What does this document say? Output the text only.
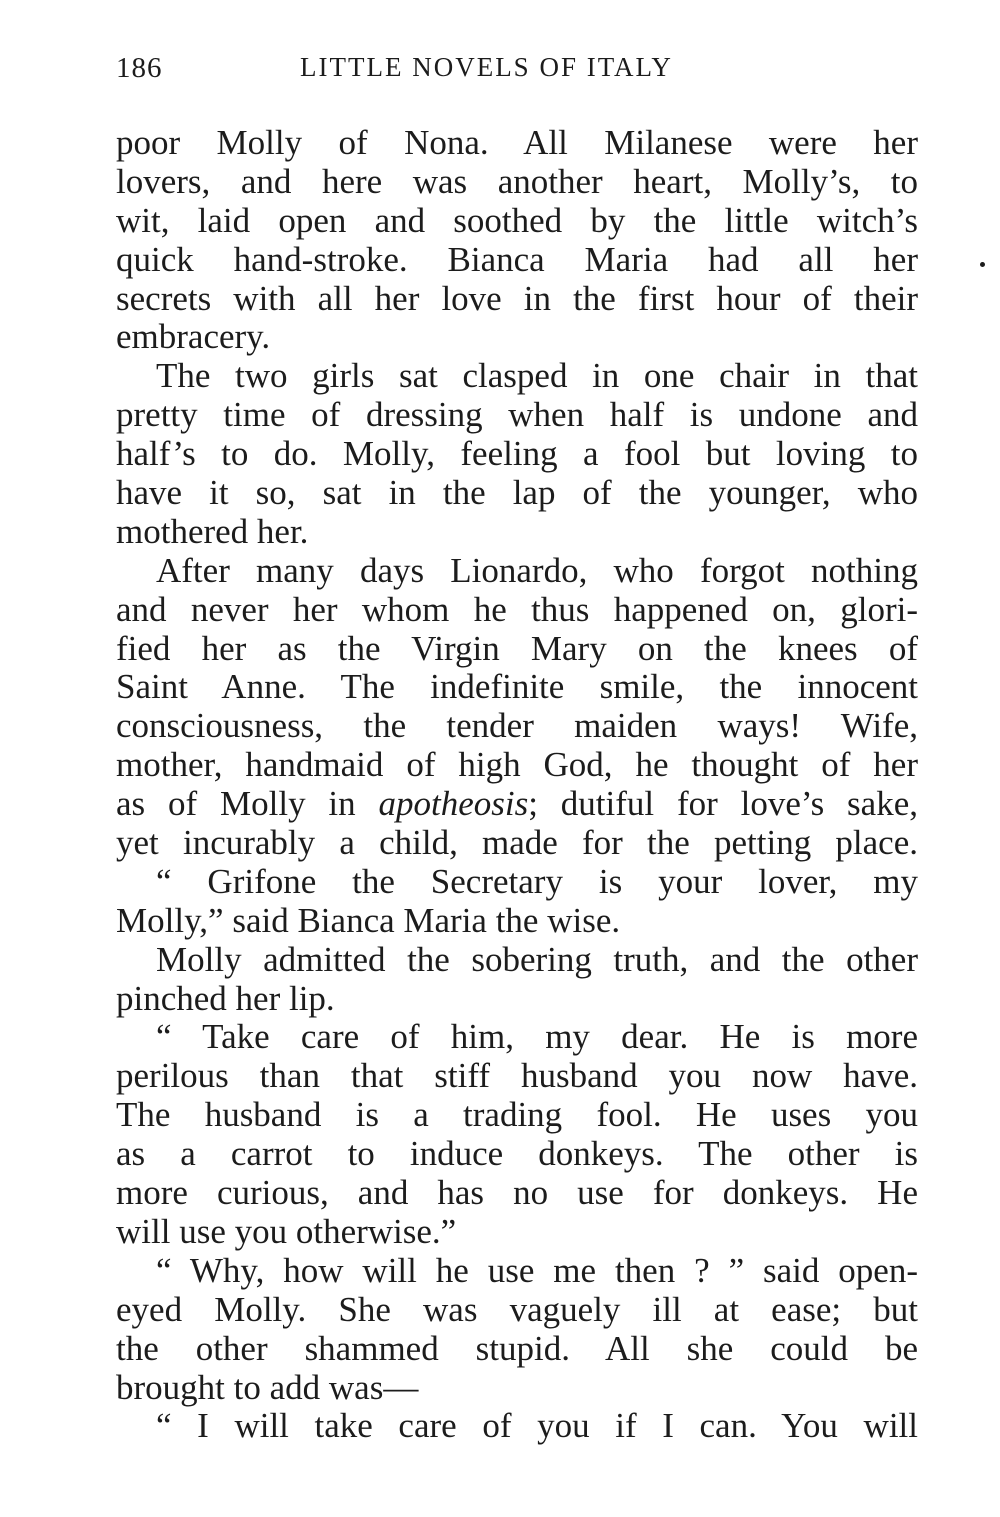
186	LITTLE NOVELS OF ITALY
poor Molly of Nona. All Milanese were her
lovers, and here was another heart, Molly’s, to
wit, laid open and soothed by the little witch’s
quick hand-stroke. Bianca Maria had all her
secrets with all her love in the first hour of their
embracery.
The two girls sat clasped in one chair in that
pretty time of dressing when half is undone and
half’s to do. Molly, feeling a fool but loving to
have it so, sat in the lap of the younger, who
mothered her.
After many days Lionardo, who forgot nothing
and never her whom he thus happened on, glori-
fied her as the Virgin Mary on the knees of
Saint Anne. The indefinite smile, the innocent
consciousness, the tender maiden ways! Wife,
mother, handmaid of high God, he thought of her
as of Molly in apotheosis; dutiful for love’s sake,
yet incurably a child, made for the petting place.
“ Grifone the Secretary is your lover, my
Molly,” said Bianca Maria the wise.
Molly admitted the sobering truth, and the other
pinched her lip.
“ Take care of him, my dear. He is more
perilous than that stiff husband you now have.
The husband is a trading fool. He uses you
as a carrot to induce donkeys. The other is
more curious, and has no use for donkeys. He
will use you otherwise.”
“ Why, how will he use me then ? ” said open-
eyed Molly. She was vaguely ill at ease; but
the other shammed stupid. All she could be
brought to add was—
“ I will take care of you if I can. You will
